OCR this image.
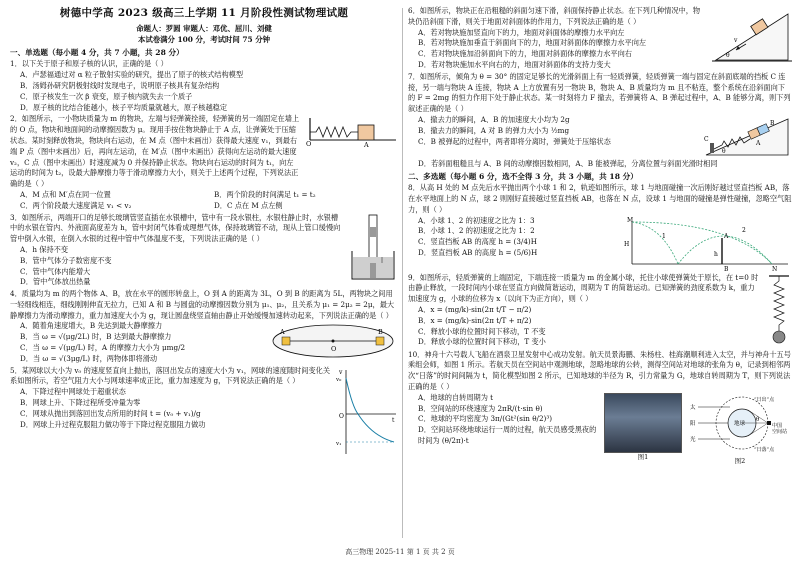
树德中学高 2023 级高三上学期 11 月阶段性测试物理试题
命题人：罗圆 审题人：邓优、屈川、刘健
本试卷满分 100 分，考试时间 75 分钟
一、单选题（每小题 4 分，共 7 小题，共 28 分）
1．以下关于原子和原子核的认识，正确的是（ ）
A．卢瑟福通过对 α 粒子散射实验的研究，提出了原子的核式结构模型
B．汤姆孙研究阴极射线时发现电子，说明原子核具有复杂结构
C．原子核发生一次 β 衰变，原子核内就失去一个质子
D．原子核的比结合能越小，核子平均质量就越大，原子核越稳定
2．如图所示，一小物块质量为 m 的物块，左端与轻弹簧拴接，轻弹簧的另一端固定在墙上的 O 点，物块和地面间的动摩擦因数为 μ。现用手按住物块静止于 A 点，让弹簧处于压缩状态。某时刻释放物块，物块向右运动，在 M 点（图中未画出）获得最大速度 v₁，到最右端 P 点（图中未画出）后，再向左运动，在 M′点（图中未画出）获得向左运动的最大速度 v₂，C 点（图中未画出）时速度减为 0 并保持静止状态。物块向右运动的时间为 t₁，向左运动的时间为 t₂，设最大静摩擦力等于滑动摩擦力大小，则关于上述两个过程，下列说法正确的是（ ）
O	A
A．M 点和 M′点在同一位置	B．两个阶段的时间满足 t₁ = t₂
C．两个阶段最大速度满足 v₁ < v₂	D．C 点在 M 点左侧
3．如图所示，两端开口的足够长玻璃管竖直插在水银槽中，管中有一段水银柱，水银柱静止时，水银槽中的水银在管内、外液面高度差为 h，管中封闭气体看成理想气体，保持玻璃管不动，现从上管口缓慢向管中倒入水银，在倒入水银的过程中管中气体温度不变，下列说法正确的是（ ）
A．h 保持不变
B．管中气体分子数密度不变
C．管中气体内能增大
D．管中气体放出热量
4．质量均为 m 的两个物体 A、B，放在水平的圆形转盘上，O 到 A 的距离为 3L，O 到 B 的距离为 5L，两物块之间用一轻细线相连，细线刚刚伸直无拉力，已知 A 和 B 与圆盘的动摩擦因数分别为 μ₁、μ₂，且关系为 μ₁ = 2μ₂ = 2μ，最大静摩擦力为滑动摩擦力，重力加速度大小为 g，现让圆盘绕竖直轴由静止开始缓慢加速转动起来，下列说法正确的是（ ）
A．随着角速度增大，B 先达到最大静摩擦力
B．当 ω = √(μg/2L) 时，B 达到最大静摩擦力
C．当 ω = √(μg/L) 时，A 的摩擦力大小为 μmg/2
D．当 ω = √(3μg/L) 时，两物体即将滑动
A
O
B
5．某网球以大小为 v₀ 的速度竖直向上抛出，落回出发点的速度大小为 v₁，网球的速度随时间变化关系如图所示，若空气阻力大小与网球速率成正比，重力加速度为 g，下列说法正确的是（ ）
A．下降过程中网球处于超重状态
B．网球上升、下降过程所受冲量为零
C．网球从抛出到落回出发点所用的时间 t = (v₀ + v₁)/g
D．网球上升过程克服阻力做功等于下降过程克服阻力做功
v
v₀
O
t
v₁
6．如图所示，物块正在沿粗糙的斜面匀速下滑，斜面保持静止状态。在下列几种情况中，物块仍沿斜面下滑，则关于地面对斜面体的作用力，下列说法正确的是（ ）
A．若对物块施加竖直向下的力，地面对斜面体的摩擦力水平向左
B．若对物块施加垂直于斜面向下的力，地面对斜面体的摩擦力水平向左
C．若对物块施加沿斜面向下的力，地面对斜面体的摩擦力水平向右
D．若对物块施加水平向右的力，地面对斜面体的支持力变大
v
θ
7．如图所示，倾角为 θ = 30° 的固定足够长的光滑斜面上有一轻质弹簧，轻质弹簧一端与固定在斜面底端的挡板 C 连接，另一端与物块 A 连接，物块 A 上方放置有另一物块 B，物块 A、B 质量均为 m 且不粘连，整个系统在沿斜面向下的 F = 2mg 的恒力作用下处于静止状态。某一时刻将力 F 撤去，若弹簧将 A、B 弹起过程中，A、B 能够分离，则下列叙述正确的是（ ）
A．撤去力的瞬间，A、B 的加速度大小均为 2g
B．撤去力的瞬间，A 对 B 的弹力大小为 ½mg
C．B 被弹起的过程中，两者即将分离时，弹簧处于压缩状态
B
A
C
θ
D．若斜面粗糙且与 A、B 间的动摩擦因数相同，A、B 能被弹起，分离位置与斜面光滑时相同
二、多选题（每小题 6 分，选不全得 3 分，共 3 小题，共 18 分）
8．从高 H 处的 M 点先后水平抛出两个小球 1 和 2，轨迹如图所示，球 1 与地面碰撞一次后刚好越过竖直挡板 AB，落在水平地面上的 N 点，球 2 则刚好直接越过竖直挡板 AB，也落在 N 点，设球 1 与地面的碰撞是弹性碰撞，忽略空气阻力，则（ ）
A．小球 1、2 的初速度之比为 1：3
B．小球 1、2 的初速度之比为 1：2
C．竖直挡板 AB 的高度 h = (3/4)H
D．竖直挡板 AB 的高度 h = (5/6)H
M
1
2
H
A
h
B	N
9．如图所示，轻质弹簧的上端固定，下端连接一质量为 m 的金属小球，托住小球使弹簧处于原长，在 t=0 时由静止释放，一段时间内小球在竖直方向做简谐运动，周期为 T 的简谐运动。已知弹簧的劲度系数为 k，重力加速度为 g，小球的位移为 x（以向下为正方向），则（ ）
A．x = (mg/k)·sin(2π t/T − π/2)
B．x = (mg/k)·sin(2π t/T + π/2)
C．释放小球的位置时间下移动，T 不变
D．释放小球的位置时间下移动，T 变小
10．神舟十六号载人飞船在酒泉卫星发射中心成功发射。航天员景海鹏、朱杨柱、桂海潮顺利进入太空，并与神舟十五号乘组会师，如图 1 所示。若航天员在空间站中观测地球，忽略地球的公转，测得空间站对地球的张角为 θ，记录到相邻两次“日落”的时间间隔为 t，简化模型如图 2 所示，已知地球的半径为 R，引力常量为 G，地球自转周期为 T，则下列说法正确的是（ ）
A．地球的自转周期为 t
B．空间站的环绕速度为 2πR/(t·sin θ)
C．地球的平均密度为 3π/(Gt²(sin θ/2)³)
D．空间站环绕地球运行一周的过程，航天员感受黑夜的时间为 (θ/2π)·t
图1
太
阳
光
地球
θ
“日出”点
空间站
中国
“日落”点
图2
高三物理 2025-11 第 1 页 共 2 页
